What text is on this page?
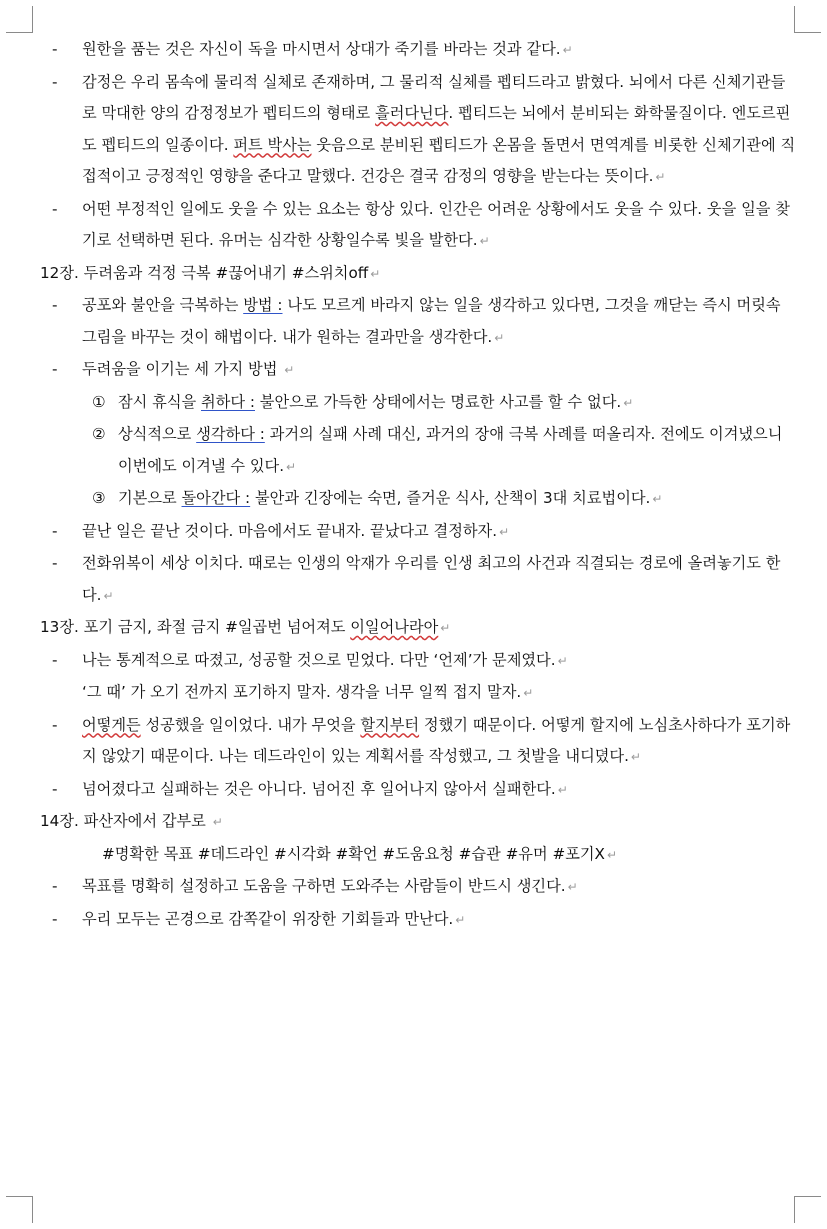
- 원한을 품는 것은 자신이 독을 마시면서 상대가 죽기를 바라는 것과 같다. ↵
- 감정은 우리 몸속에 물리적 실체로 존재하며, 그 물리적 실체를 펩티드라고 밝혔다. 뇌에서 다른 신체기관들로 막대한 양의 감정정보가 펩티드의 형태로 흘러다닌다. 펩티드는 뇌에서 분비되는 화학물질이다. 엔도르핀도 펩티드의 일종이다. 퍼트 박사는 웃음으로 분비된 펩티드가 온몸을 돌면서 면역계를 비롯한 신체기관에 직접적이고 긍정적인 영향을 준다고 말했다. 건강은 결국 감정의 영향을 받는다는 뜻이다. ↵
- 어떤 부정적인 일에도 웃을 수 있는 요소는 항상 있다. 인간은 어려운 상황에서도 웃을 수 있다. 웃을 일을 찾기로 선택하면 된다. 유머는 심각한 상황일수록 빛을 발한다. ↵
12장. 두려움과 걱정 극복 #끊어내기 #스위치off ↵
- 공포와 불안을 극복하는 방법 : 나도 모르게 바라지 않는 일을 생각하고 있다면, 그것을 깨닫는 즉시 머릿속 그림을 바꾸는 것이 해법이다. 내가 원하는 결과만을 생각한다. ↵
- 두려움을 이기는 세 가지 방법 ↵
① 잠시 휴식을 취하다 : 불안으로 가득한 상태에서는 명료한 사고를 할 수 없다. ↵
② 상식적으로 생각하다 : 과거의 실패 사례 대신, 과거의 장애 극복 사례를 떠올리자. 전에도 이겨냈으니 이번에도 이겨낼 수 있다. ↵
③ 기본으로 돌아간다 : 불안과 긴장에는 숙면, 즐거운 식사, 산책이 3대 치료법이다. ↵
- 끝난 일은 끝난 것이다. 마음에서도 끝내자. 끝났다고 결정하자. ↵
- 전화위복이 세상 이치다. 때로는 인생의 악재가 우리를 인생 최고의 사건과 직결되는 경로에 올려놓기도 한다. ↵
13장. 포기 금지, 좌절 금지 #일곱번 넘어져도 이일어나라아 ↵
- 나는 통계적으로 따졌고, 성공할 것으로 믿었다. 다만 ‘언제’가 문제였다. ↵
‘그 때’ 가 오기 전까지 포기하지 말자. 생각을 너무 일찍 접지 말자. ↵
- 어떻게든 성공했을 일이었다. 내가 무엇을 할지부터 정했기 때문이다. 어떻게 할지에 노심초사하다가 포기하지 않았기 때문이다. 나는 데드라인이 있는 계획서를 작성했고, 그 첫발을 내디뎠다. ↵
- 넘어졌다고 실패하는 것은 아니다. 넘어진 후 일어나지 않아서 실패한다. ↵
14장. 파산자에서 갑부로 ↵
#명확한 목표 #데드라인 #시각화 #확언 #도움요청 #습관 #유머 #포기X ↵
- 목표를 명확히 설정하고 도움을 구하면 도와주는 사람들이 반드시 생긴다. ↵
- 우리 모두는 곤경으로 감쪽같이 위장한 기회들과 만난다. ↵
